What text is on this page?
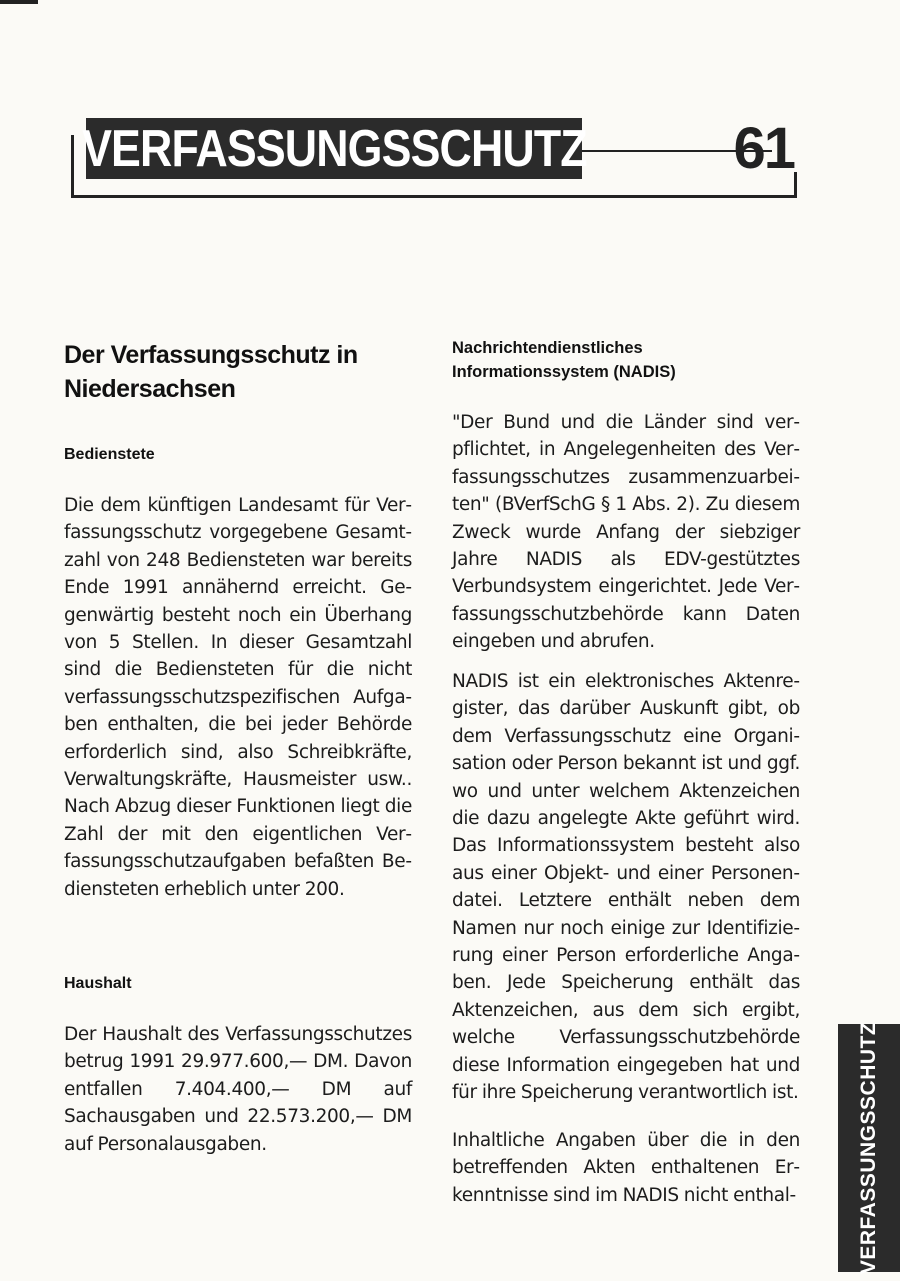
VERFASSUNGSSCHUTZ	61
Der Verfassungsschutz in Niedersachsen
Bedienstete
Die dem künftigen Landesamt für Verfassungsschutz vorgegebene Gesamtzahl von 248 Bediensteten war bereits Ende 1991 annähernd erreicht. Gegenwärtig besteht noch ein Überhang von 5 Stellen. In dieser Gesamtzahl sind die Bediensteten für die nicht verfassungsschutzspezifischen Aufgaben enthalten, die bei jeder Behörde erforderlich sind, also Schreibkräfte, Verwaltungskräfte, Hausmeister usw.. Nach Abzug dieser Funktionen liegt die Zahl der mit den eigentlichen Verfassungsschutzaufgaben befaßten Bediensteten erheblich unter 200.
Haushalt
Der Haushalt des Verfassungsschutzes betrug 1991 29.977.600,— DM. Davon entfallen 7.404.400,— DM auf Sachausgaben und 22.573.200,— DM auf Personalausgaben.
Nachrichtendienstliches Informationssystem (NADIS)
"Der Bund und die Länder sind verpflichtet, in Angelegenheiten des Verfassungsschutzes zusammenzuarbeiten" (BVerfSchG § 1 Abs. 2). Zu diesem Zweck wurde Anfang der siebziger Jahre NADIS als EDV-gestütztes Verbundsystem eingerichtet. Jede Verfassungsschutzbehörde kann Daten eingeben und abrufen.
NADIS ist ein elektronisches Aktenregister, das darüber Auskunft gibt, ob dem Verfassungsschutz eine Organisation oder Person bekannt ist und ggf. wo und unter welchem Aktenzeichen die dazu angelegte Akte geführt wird. Das Informationssystem besteht also aus einer Objekt- und einer Personendatei. Letztere enthält neben dem Namen nur noch einige zur Identifizierung einer Person erforderliche Angaben. Jede Speicherung enthält das Aktenzeichen, aus dem sich ergibt, welche Verfassungsschutzbehörde diese Information eingegeben hat und für ihre Speicherung verantwortlich ist.
Inhaltliche Angaben über die in den betreffenden Akten enthaltenen Erkenntnisse sind im NADIS nicht enthal-	VERFASSUNGSSCHUTZ
